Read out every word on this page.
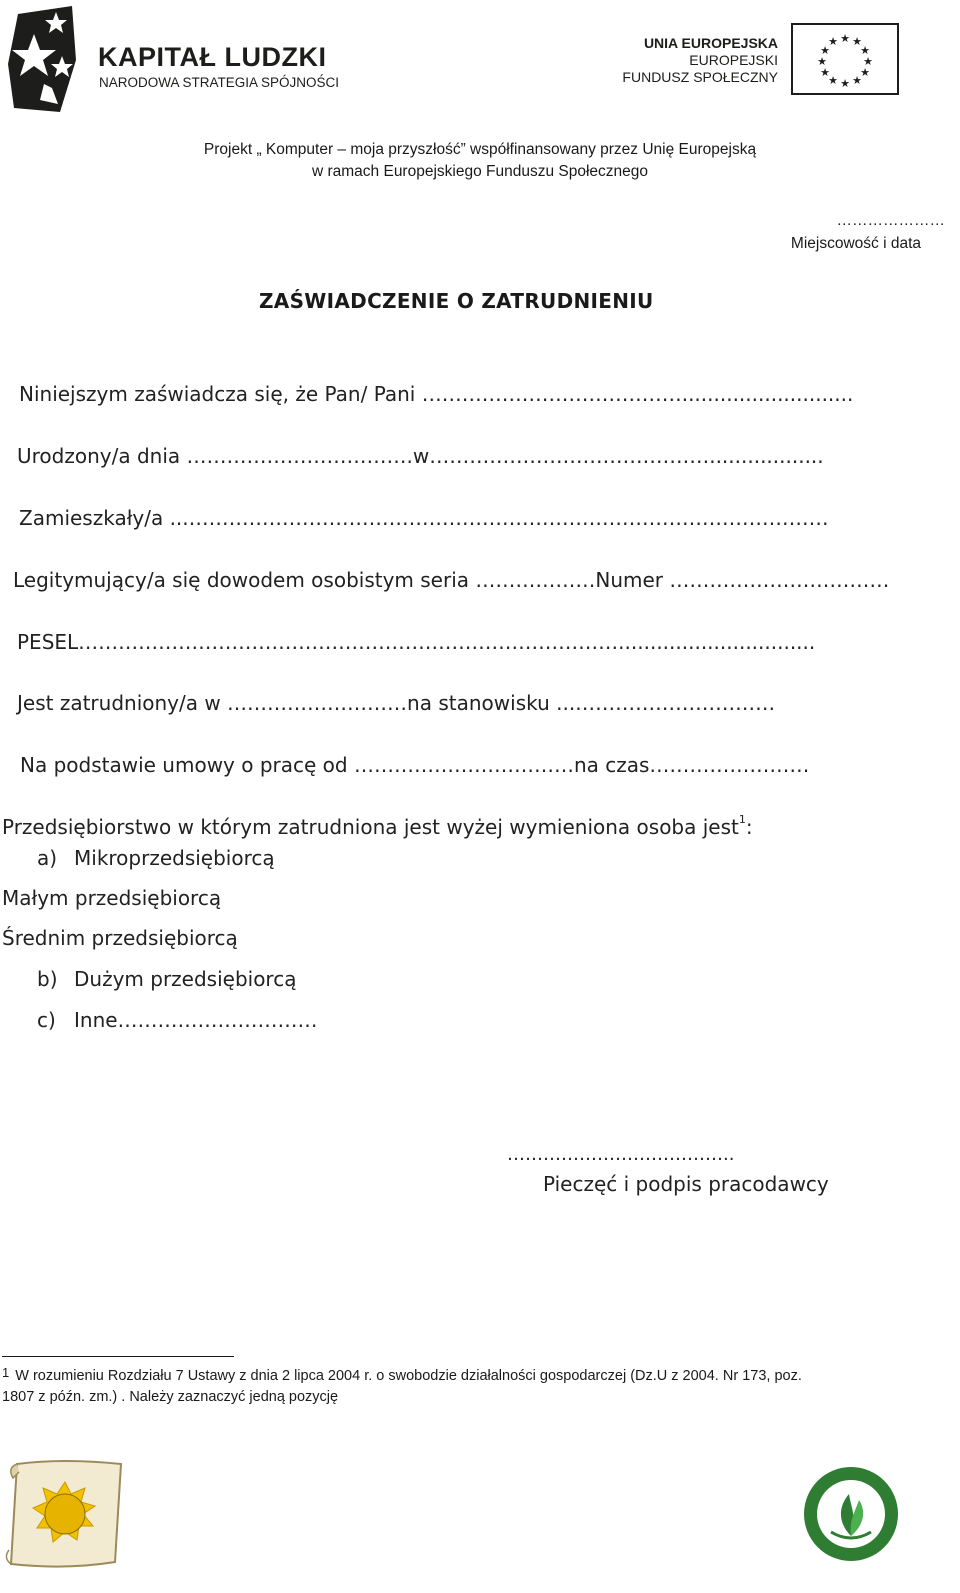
KAPITAŁ LUDZKI
NARODOWA STRATEGIA SPÓJNOŚCI
UNIA EUROPEJSKA
EUROPEJSKI
FUNDUSZ SPOŁECZNY
★ ★
★
★
★
★
★
★
★
★
★
★
Projekt „ Komputer – moja przyszłość” współfinansowany przez Unię Europejską
w ramach Europejskiego Funduszu Społecznego
…………………
Miejscowość i data
ZAŚWIADCZENIE O ZATRUDNIENIU
Niniejszym zaświadcza się, że Pan/ Pani …………………………………...........................
Urodzony/a dnia …………………………….w……………………………………..................
Zamieszkały/a ...……………………………………………………………………………………
Legitymujący/a się dowodem osobistym seria ………………Numer ……………………………
PESEL………………………………………………………………………...............................
Jest zatrudniony/a w ………………………na stanowisku ...…………………………
Na podstawie umowy o pracę od ……………………………na czas……………………
Przedsiębiorstwo w którym zatrudniona jest wyżej wymieniona osoba jest$^1$:
a) Mikroprzedsiębiorcą
Małym przedsiębiorcą
Średnim przedsiębiorcą
b) Dużym przedsiębiorcą
c) Inne…………………………
………………………………..
Pieczęć i podpis pracodawcy
1 W rozumieniu Rozdziału 7 Ustawy z dnia 2 lipca 2004 r. o swobodzie działalności gospodarczej (Dz.U z 2004. Nr 173, poz.
1807 z późn. zm.) . Należy zaznaczyć jedną pozycję
